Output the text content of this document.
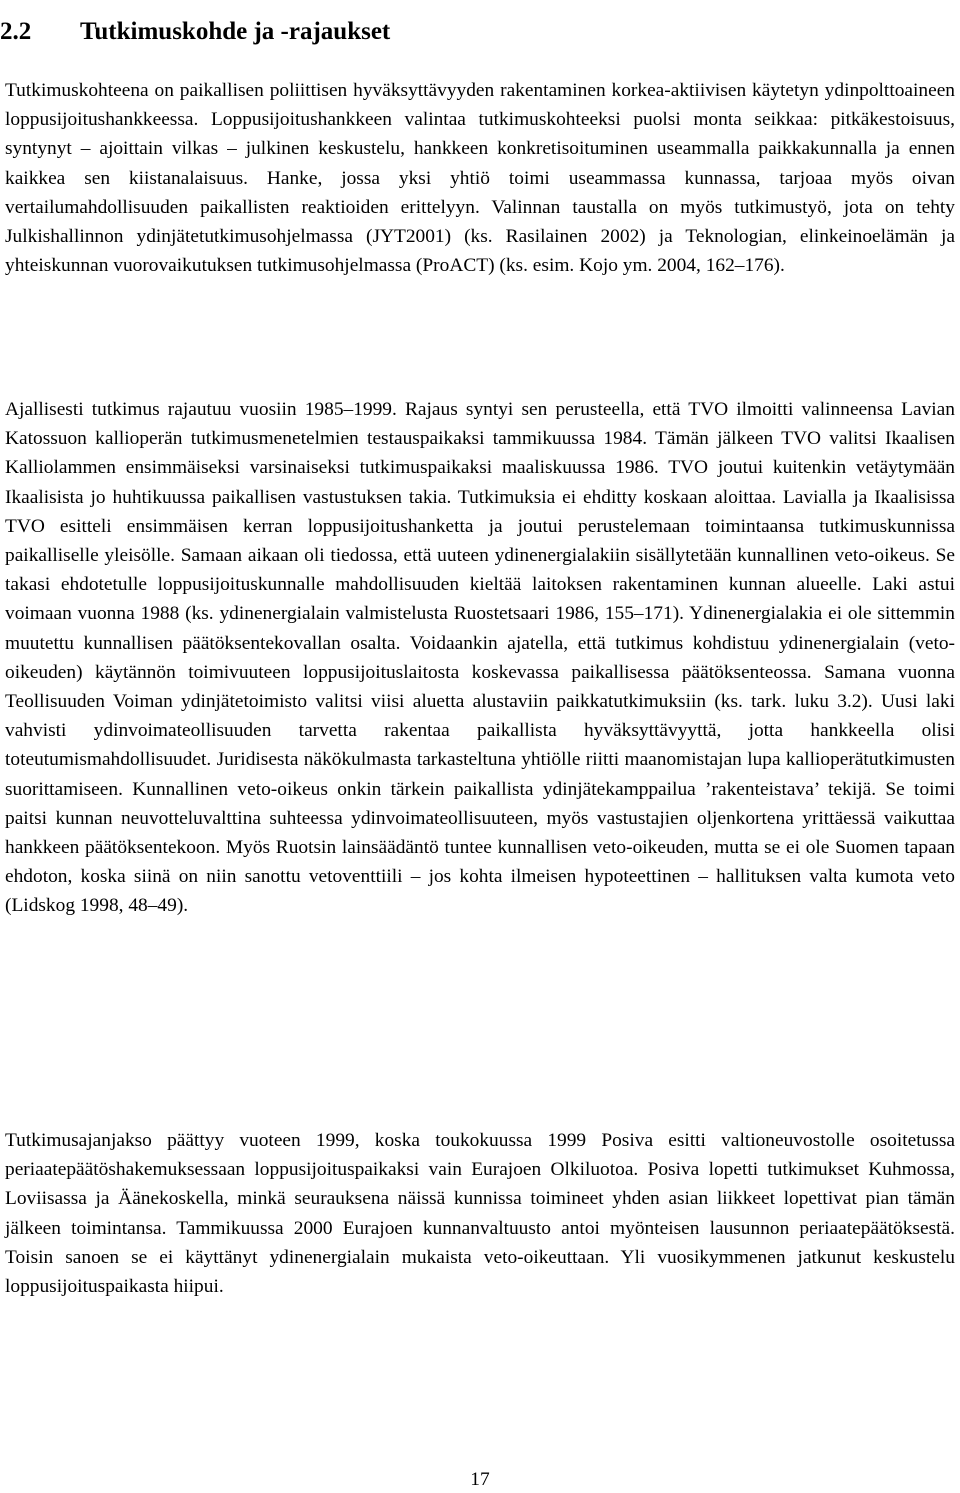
2.2 Tutkimuskohde ja -rajaukset

Tutkimuskohteena on paikallisen poliittisen hyväksyttävyyden rakentaminen korkea-aktiivisen käytetyn ydinpolttoaineen loppusijoitushankkeessa. Loppusijoitushankkeen valintaa tutkimuskohteeksi puolsi monta seikkaa: pitkäkestoisuus, syntynyt – ajoittain vilkas – julkinen keskustelu, hankkeen konkretisoituminen useammalla paikkakunnalla ja ennen kaikkea sen kiistanalaisuus. Hanke, jossa yksi yhtiö toimi useammassa kunnassa, tarjoaa myös oivan vertailumahdollisuuden paikallisten reaktioiden erittelyyn. Valinnan taustalla on myös tutkimustyö, jota on tehty Julkishallinnon ydinjätetutkimusohjelmassa (JYT2001) (ks. Rasilainen 2002) ja Teknologian, elinkeinoelämän ja yhteiskunnan vuorovaikutuksen tutkimusohjelmassa (ProACT) (ks. esim. Kojo ym. 2004, 162–176).

Ajallisesti tutkimus rajautuu vuosiin 1985–1999. Rajaus syntyi sen perusteella, että TVO ilmoitti valinneensa Lavian Katossuon kallioperän tutkimusmenetelmien testauspaikaksi tammikuussa 1984. Tämän jälkeen TVO valitsi Ikaalisen Kalliolammen ensimmäiseksi varsinaiseksi tutkimuspaikaksi maaliskuussa 1986. TVO joutui kuitenkin vetäytymään Ikaalisista jo huhtikuussa paikallisen vastustuksen takia. Tutkimuksia ei ehditty koskaan aloittaa. Lavialla ja Ikaalisissa TVO esitteli ensimmäisen kerran loppusijoitushanketta ja joutui perustelemaan toimintaansa tutkimuskunnissa paikalliselle yleisölle. Samaan aikaan oli tiedossa, että uuteen ydinenergialakiin sisällytetään kunnallinen veto-oikeus. Se takasi ehdotetulle loppusijoituskunnalle mahdollisuuden kieltää laitoksen rakentaminen kunnan alueelle. Laki astui voimaan vuonna 1988 (ks. ydinenergialain valmistelusta Ruostetsaari 1986, 155–171). Ydinenergialakia ei ole sittemmin muutettu kunnallisen päätöksentekovallan osalta. Voidaankin ajatella, että tutkimus kohdistuu ydinenergialain (veto-oikeuden) käytännön toimivuuteen loppusijoituslaitosta koskevassa paikallisessa päätöksenteossa. Samana vuonna Teollisuuden Voiman ydinjätetoimisto valitsi viisi aluetta alustaviin paikkatutkimuksiin (ks. tark. luku 3.2). Uusi laki vahvisti ydinvoimateollisuuden tarvetta rakentaa paikallista hyväksyttävyyttä, jotta hankkeella olisi toteutumismahdollisuudet. Juridisesta näkökulmasta tarkasteltuna yhtiölle riitti maanomistajan lupa kallioperätutkimusten suorittamiseen. Kunnallinen veto-oikeus onkin tärkein paikallista ydinjätekamppailua ’rakenteistava’ tekijä. Se toimi paitsi kunnan neuvotteluvalttina suhteessa ydinvoimateollisuuteen, myös vastustajien oljenkortena yrittäessä vaikuttaa hankkeen päätöksentekoon. Myös Ruotsin lainsäädäntö tuntee kunnallisen veto-oikeuden, mutta se ei ole Suomen tapaan ehdoton, koska siinä on niin sanottu vetoventtiili – jos kohta ilmeisen hypoteettinen – hallituksen valta kumota veto (Lidskog 1998, 48–49).

Tutkimusajanjakso päättyy vuoteen 1999, koska toukokuussa 1999 Posiva esitti valtioneuvostolle osoitetussa periaatepäätöshakemuksessaan loppusijoituspaikaksi vain Eurajoen Olkiluotoa. Posiva lopetti tutkimukset Kuhmossa, Loviisassa ja Äänekoskella, minkä seurauksena näissä kunnissa toimineet yhden asian liikkeet lopettivat pian tämän jälkeen toimintansa. Tammikuussa 2000 Eurajoen kunnanvaltuusto antoi myönteisen lausunnon periaatepäätöksestä. Toisin sanoen se ei käyttänyt ydinenergialain mukaista veto-oikeuttaan. Yli vuosikymmenen jatkunut keskustelu loppusijoituspaikasta hiipui.

17
